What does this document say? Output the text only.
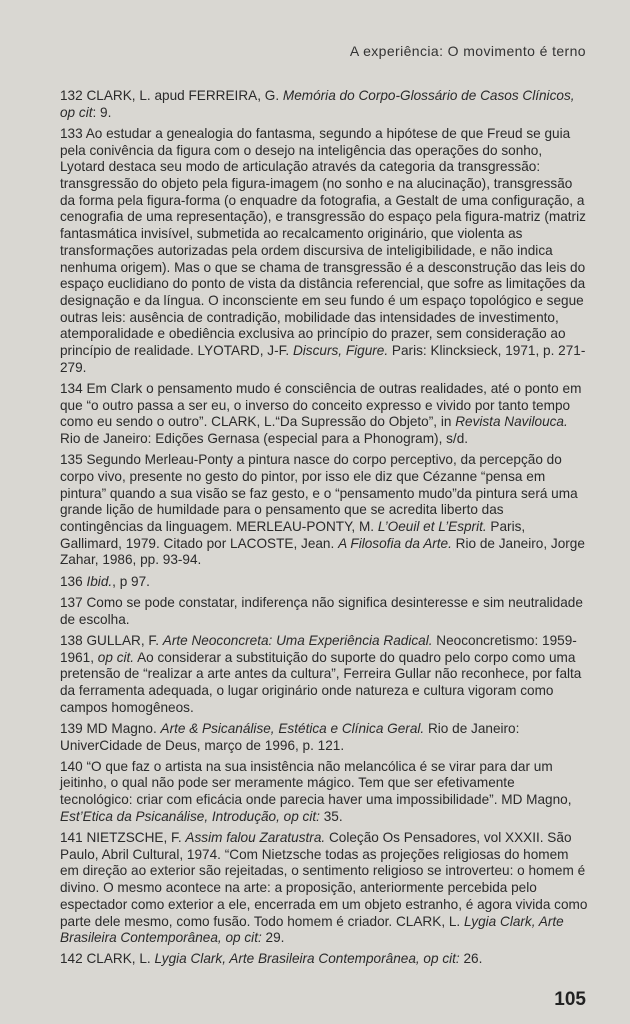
A experiência: O movimento é terno

132 CLARK, L. apud FERREIRA, G. Memória do Corpo-Glossário de Casos Clínicos, op cit: 9.

133 Ao estudar a genealogia do fantasma, segundo a hipótese de que Freud se guia pela conivência da figura com o desejo na inteligência das operações do sonho, Lyotard destaca seu modo de articulação através da categoria da transgressão: transgressão do objeto pela figura-imagem (no sonho e na alucinação), transgressão da forma pela figura-forma (o enquadre da fotografia, a Gestalt de uma configuração, a cenografia de uma representação), e transgressão do espaço pela figura-matriz (matriz fantasmática invisível, submetida ao recalcamento originário, que violenta as transformações autorizadas pela ordem discursiva de inteligibilidade, e não indica nenhuma origem). Mas o que se chama de transgressão é a desconstrução das leis do espaço euclidiano do ponto de vista da distância referencial, que sofre as limitações da designação e da língua. O inconsciente em seu fundo é um espaço topológico e segue outras leis: ausência de contradição, mobilidade das intensidades de investimento, atemporalidade e obediência exclusiva ao princípio do prazer, sem consideração ao princípio de realidade. LYOTARD, J-F. Discurs, Figure. Paris: Klincksieck, 1971, p. 271-279.

134 Em Clark o pensamento mudo é consciência de outras realidades, até o ponto em que “o outro passa a ser eu, o inverso do conceito expresso e vivido por tanto tempo como eu sendo o outro”. CLARK, L.“Da Supressão do Objeto”, in Revista Navilouca. Rio de Janeiro: Edições Gernasa (especial para a Phonogram), s/d.

135 Segundo Merleau-Ponty a pintura nasce do corpo perceptivo, da percepção do corpo vivo, presente no gesto do pintor, por isso ele diz que Cézanne “pensa em pintura” quando a sua visão se faz gesto, e o “pensamento mudo”da pintura será uma grande lição de humildade para o pensamento que se acredita liberto das contingências da linguagem. MERLEAU-PONTY, M. L’Oeuil et L’Esprit. Paris, Gallimard, 1979. Citado por LACOSTE, Jean. A Filosofia da Arte. Rio de Janeiro, Jorge Zahar, 1986, pp. 93-94.

136 Ibid., p 97.

137 Como se pode constatar, indiferença não significa desinteresse e sim neutralidade de escolha.

138 GULLAR, F. Arte Neoconcreta: Uma Experiência Radical. Neoconcretismo: 1959-1961, op cit. Ao considerar a substituição do suporte do quadro pelo corpo como uma pretensão de “realizar a arte antes da cultura”, Ferreira Gullar não reconhece, por falta da ferramenta adequada, o lugar originário onde natureza e cultura vigoram como campos homogêneos.

139 MD Magno. Arte & Psicanálise, Estética e Clínica Geral. Rio de Janeiro: UniverCidade de Deus, março de 1996, p. 121.

140 “O que faz o artista na sua insistência não melancólica é se virar para dar um jeitinho, o qual não pode ser meramente mágico. Tem que ser efetivamente tecnológico: criar com eficácia onde parecia haver uma impossibilidade”. MD Magno, Est’Etica da Psicanálise, Introdução, op cit: 35.

141 NIETZSCHE, F. Assim falou Zaratustra. Coleção Os Pensadores, vol XXXII. São Paulo, Abril Cultural, 1974. “Com Nietzsche todas as projeções religiosas do homem em direção ao exterior são rejeitadas, o sentimento religioso se introverteu: o homem é divino. O mesmo acontece na arte: a proposição, anteriormente percebida pelo espectador como exterior a ele, encerrada em um objeto estranho, é agora vivida como parte dele mesmo, como fusão. Todo homem é criador. CLARK, L. Lygia Clark, Arte Brasileira Contemporânea, op cit: 29.

142 CLARK, L. Lygia Clark, Arte Brasileira Contemporânea, op cit: 26.

105
